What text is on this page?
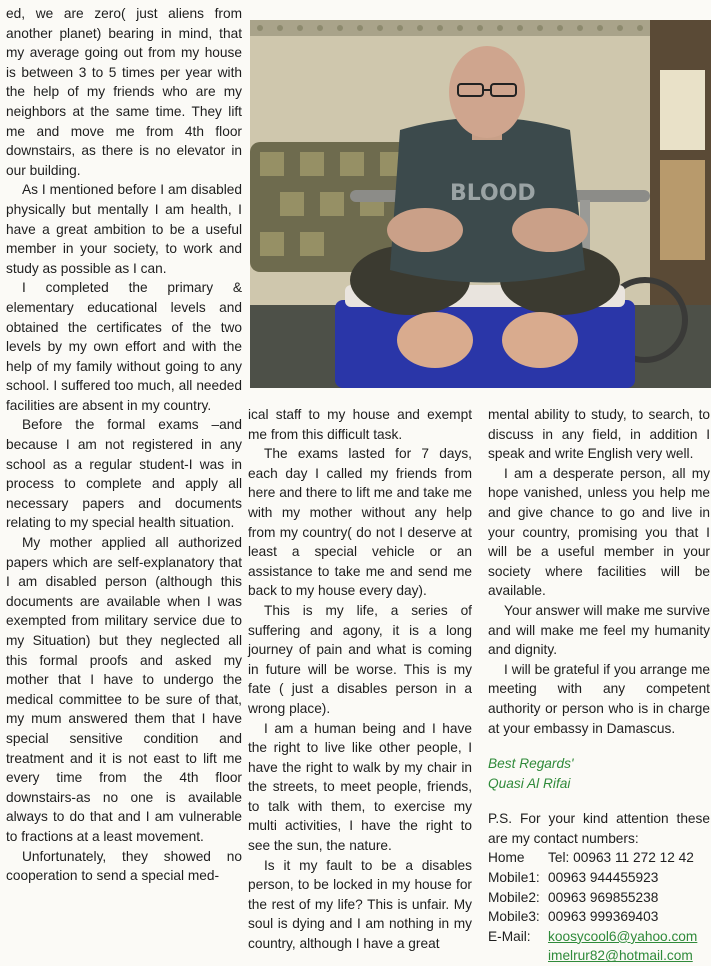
ed, we are zero( just aliens from another planet) bearing in mind, that my average going out from my house is between 3 to 5 times per year with the help of my friends who are my neighbors at the same time. They lift me and move me from 4th floor downstairs, as there is no elevator in our building.

As I mentioned before I am disabled physically but mentally I am health, I have a great ambition to be a useful member in your society, to work and study as possible as I can.

I completed the primary & elementary educational levels and obtained the certificates of the two levels by my own effort and with the help of my family without going to any school. I suffered too much, all needed facilities are absent in my country.

Before the formal exams –and because I am not registered in any school as a regular student-I was in process to complete and apply all necessary papers and documents relating to my special health situation.

My mother applied all authorized papers which are self-explanatory that I am disabled person (although this documents are available when I was exempted from military service due to my Situation) but they neglected all this formal proofs and asked my mother that I have to undergo the medical committee to be sure of that, my mum answered them that I have special sensitive condition and treatment and it is not east to lift me every time from the 4th floor downstairs-as no one is available always to do that and I am vulnerable to fractions at a least movement.

Unfortunately, they showed no cooperation to send a special med-

BLOOD

ical staff to my house and exempt me from this difficult task.

The exams lasted for 7 days, each day I called my friends from here and there to lift me and take me with my mother without any help from my country( do not I deserve at least a special vehicle or an assistance to take me and send me back to my house every day).

This is my life, a series of suffering and agony, it is a long journey of pain and what is coming in future will be worse. This is my fate ( just a disables person in a wrong place).

I am a human being and I have the right to live like other people, I have the right to walk by my chair in the streets, to meet people, friends, to talk with them, to exercise my multi activities, I have the right to see the sun, the nature.

Is it my fault to be a disables person, to be locked in my house for the rest of my life? This is unfair. My soul is dying and I am nothing in my country, although I have a great

mental ability to study, to search, to discuss in any field, in addition I speak and write English very well.

I am a desperate person, all my hope vanished, unless you help me and give chance to go and live in your country, promising you that I will be a useful member in your society where facilities will be available.

Your answer will make me survive and will make me feel my humanity and dignity.

I will be grateful if you arrange me meeting with any competent authority or person who is in charge at your embassy in Damascus.

Best Regards'
Quasi Al Rifai
P.S. For your kind attention these are my contact numbers:
Home	Tel: 00963 11 272 12 42
Mobile1: 00963 944455923
Mobile2: 00963 969855238
Mobile3: 00963 999369403
E-Mail:	koosycool6@yahoo.com
imelrur82@hotmail.com
